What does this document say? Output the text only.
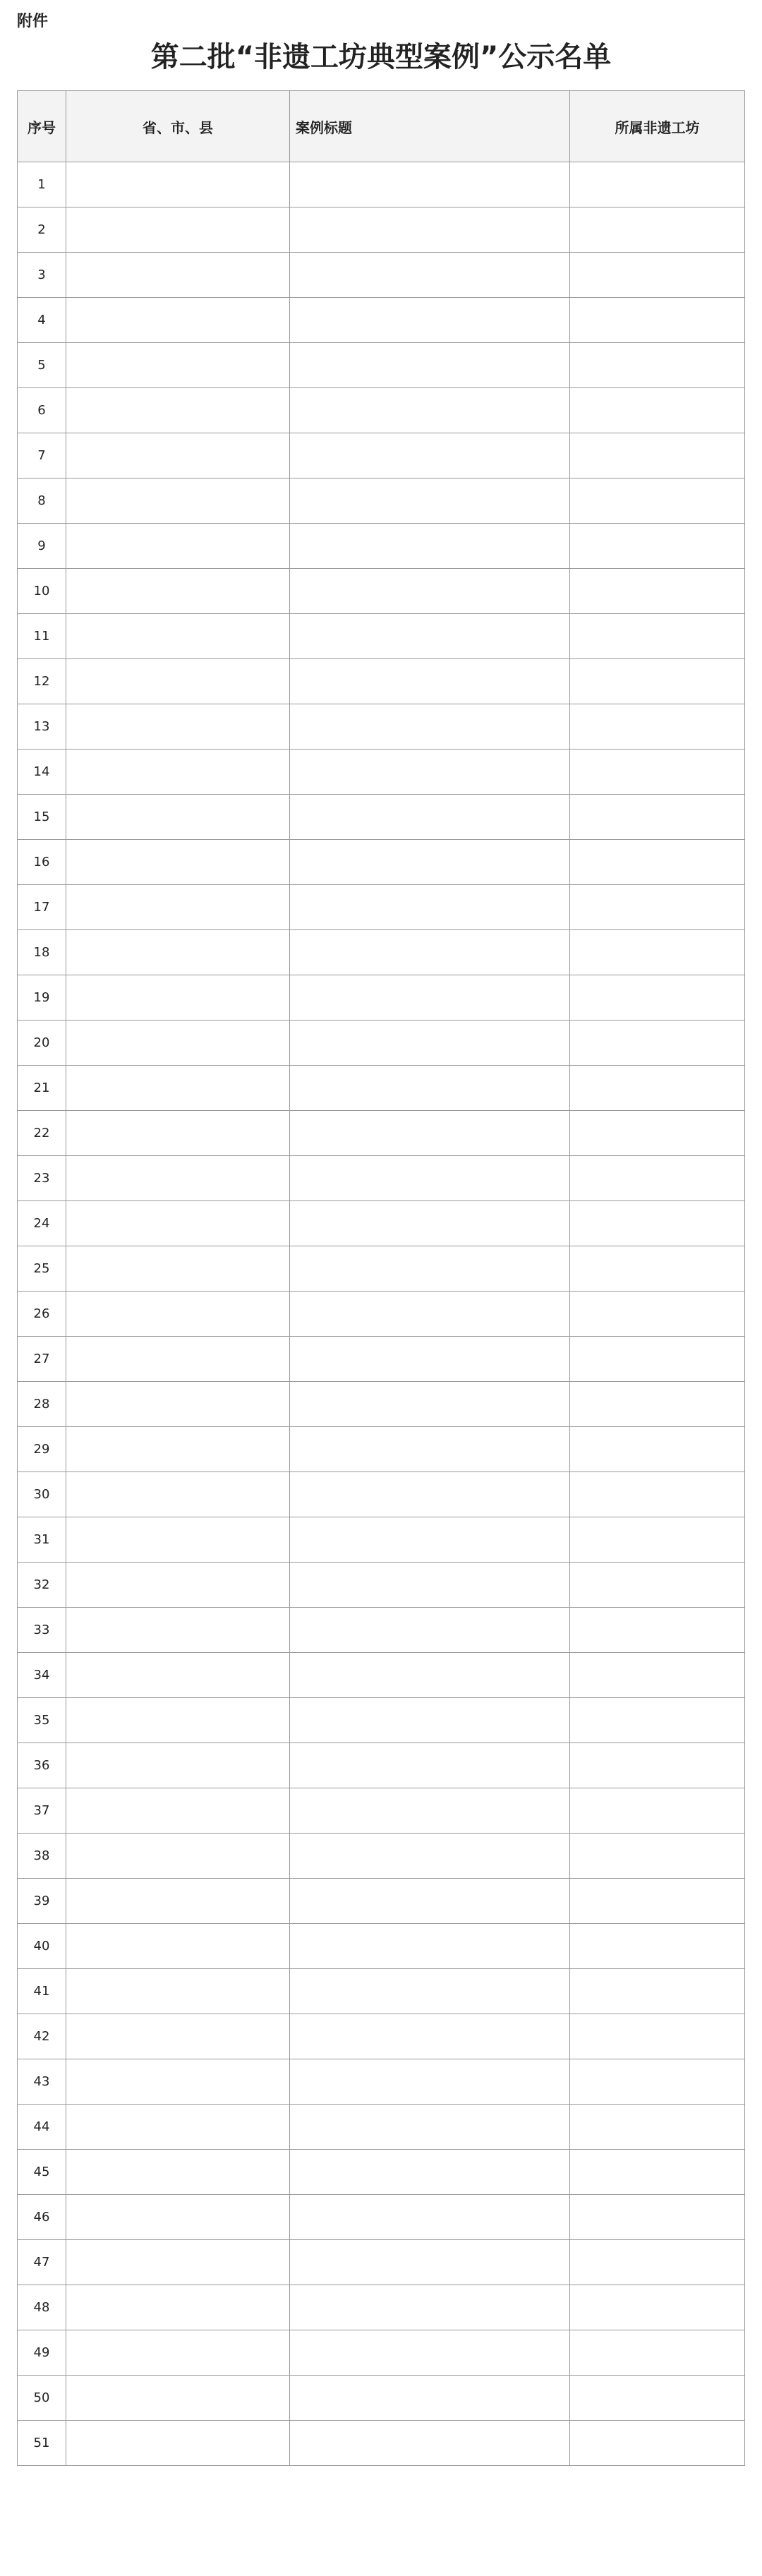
附件
第二批“非遗工坊典型案例”公示名单
序号	省、市、县	案例标题	所属非遗工坊
1			
2			
3			
4			
5			
6			
7			
8			
9			
10			
11			
12			
13			
14			
15			
16			
17			
18			
19			
20			
21			
22			
23			
24			
25			
26			
27			
28			
29			
30			
31			
32			
33			
34			
35			
36			
37			
38			
39			
40			
41			
42			
43			
44			
45			
46			
47			
48			
49			
50			
51			
